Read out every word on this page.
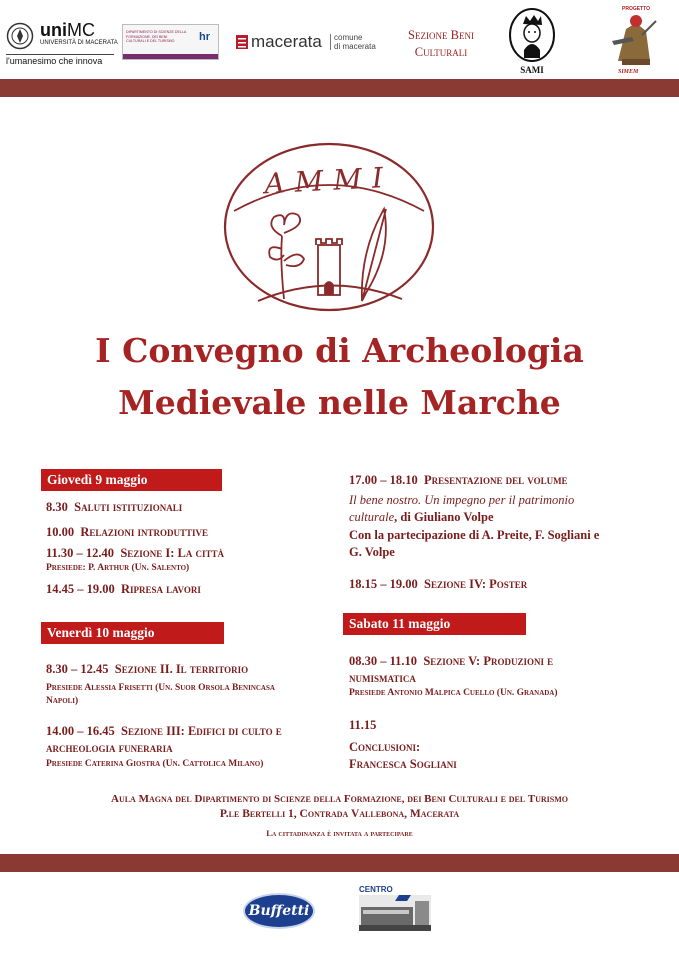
uniMC
UNIVERSITÀ DI MACERATA
l'umanesimo che innova
DIPARTIMENTO DI SCIENZE DELLA FORMAZIONE, DEI BENI CULTURALI E DEL TURISMO	hr macerata comune
di macerata
Sezione Beni
Culturali
SAMI
PROGETTO
SIMEM
AMMI
I Convegno di Archeologia
Medievale nelle Marche
Giovedì 9 maggio
8.30 Saluti istituzionali
10.00 Relazioni introduttive
11.30 – 12.40 Sezione I: La città
Presiede: P. Arthur (Un. Salento)
14.45 – 19.00 Ripresa lavori
Venerdì 10 maggio
8.30 – 12.45 Sezione II. Il territorio
Presiede Alessia Frisetti (Un. Suor Orsola Benincasa
Napoli)
14.00 – 16.45 Sezione III: Edifici di culto e
archeologia funeraria
Presiede Caterina Giostra (Un. Cattolica Milano)
17.00 – 18.10 Presentazione del volume
Il bene nostro. Un impegno per il patrimonio
culturale, di Giuliano Volpe
Con la partecipazione di A. Preite, F. Sogliani e
G. Volpe
18.15 – 19.00 Sezione IV: Poster
Sabato 11 maggio
08.30 – 11.10 Sezione V: Produzioni e
numismatica
Presiede Antonio Malpica Cuello (Un. Granada)
11.15
Conclusioni:
Francesca Sogliani
Aula Magna del Dipartimento di Scienze della Formazione, dei Beni Culturali e del Turismo
P.le Bertelli 1, Contrada Vallebona, Macerata
La cittadinanza è invitata a partecipare
Buffetti
CENTRO
